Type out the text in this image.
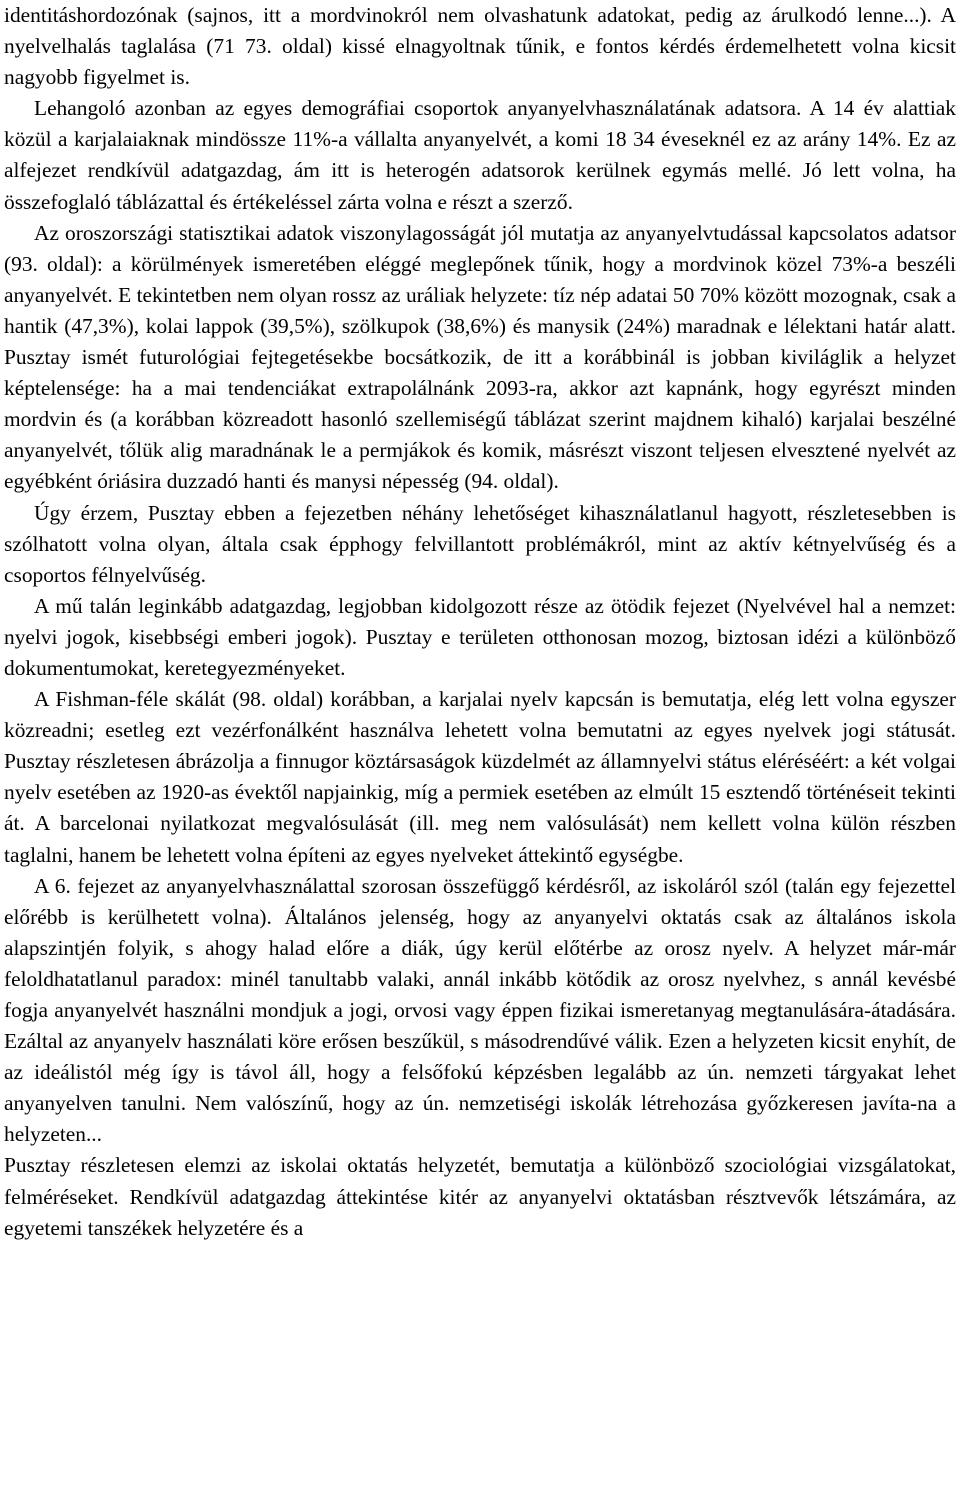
identitáshordozónak (sajnos, itt a mordvinokról nem olvashatunk adatokat, pedig az árulkodó lenne...). A nyelvelhalás taglalása (71 73. oldal) kissé elnagyoltnak tűnik, e fontos kérdés érdemelhetett volna kicsit nagyobb figyelmet is.

Lehangoló azonban az egyes demográfiai csoportok anyanyelvhasználatának adatsora. A 14 év alattiak közül a karjalaiaknak mindössze 11%-a vállalta anyanyelvét, a komi 18 34 éveseknél ez az arány 14%. Ez az alfejezet rendkívül adatgazdag, ám itt is heterogén adatsorok kerülnek egymás mellé. Jó lett volna, ha összefoglaló táblázattal és értékeléssel zárta volna e részt a szerző.

Az oroszországi statisztikai adatok viszonylagosságát jól mutatja az anyanyelvtudással kapcsolatos adatsor (93. oldal): a körülmények ismeretében eléggé meglepőnek tűnik, hogy a mordvinok közel 73%-a beszéli anyanyelvét. E tekintetben nem olyan rossz az uráliak helyzete: tíz nép adatai 50 70% között mozognak, csak a hantik (47,3%), kolai lappok (39,5%), szölkupok (38,6%) és manysik (24%) maradnak e lélektani határ alatt. Pusztay ismét futurológiai fejtegetésekbe bocsátkozik, de itt a korábbinál is jobban kiviláglik a helyzet képtelensége: ha a mai tendenciákat extrapolálnánk 2093-ra, akkor azt kapnánk, hogy egyrészt minden mordvin és (a korábban közreadott hasonló szellemiségű táblázat szerint majdnem kihaló) karjalai beszélné anyanyelvét, tőlük alig maradnának le a permjákok és komik, másrészt viszont teljesen elvesztené nyelvét az egyébként óriásira duzzadó hanti és manysi népesség (94. oldal).

Úgy érzem, Pusztay ebben a fejezetben néhány lehetőséget kihasználatlanul hagyott, részletesebben is szólhatott volna olyan, általa csak épphogy felvillantott problémákról, mint az aktív kétnyelvűség és a csoportos félnyelvűség.

A mű talán leginkább adatgazdag, legjobban kidolgozott része az ötödik fejezet (Nyelvével hal a nemzet: nyelvi jogok, kisebbségi emberi jogok). Pusztay e területen otthonosan mozog, biztosan idézi a különböző dokumentumokat, keretegyezményeket.

A Fishman-féle skálát (98. oldal) korábban, a karjalai nyelv kapcsán is bemutatja, elég lett volna egyszer közreadni; esetleg ezt vezérfonálként használva lehetett volna bemutatni az egyes nyelvek jogi státusát. Pusztay részletesen ábrázolja a finnugor köztársaságok küzdelmét az államnyelvi státus eléréséért: a két volgai nyelv esetében az 1920-as évektől napjainkig, míg a permiek esetében az elmúlt 15 esztendő történéseit tekinti át. A barcelonai nyilatkozat megvalósulását (ill. meg nem valósulását) nem kellett volna külön részben taglalni, hanem be lehetett volna építeni az egyes nyelveket áttekintő egységbe.

A 6. fejezet az anyanyelvhasználattal szorosan összefüggő kérdésről, az iskoláról szól (talán egy fejezettel előrébb is kerülhetett volna). Általános jelenség, hogy az anyanyelvi oktatás csak az általános iskola alapszintjén folyik, s ahogy halad előre a diák, úgy kerül előtérbe az orosz nyelv. A helyzet már-már feloldhatatlanul paradox: minél tanultabb valaki, annál inkább kötődik az orosz nyelvhez, s annál kevésbé fogja anyanyelvét használni mondjuk a jogi, orvosi vagy éppen fizikai ismeretanyag megtanulására-átadására. Ezáltal az anyanyelv használati köre erősen beszűkül, s másodrendűvé válik. Ezen a helyzeten kicsit enyhít, de az ideálistól még így is távol áll, hogy a felsőfokú képzésben legalább az ún. nemzeti tárgyakat lehet anyanyelven tanulni. Nem valószínű, hogy az ún. nemzetiségi iskolák létrehozása győzkeresen javíta-na a helyzeten...

Pusztay részletesen elemzi az iskolai oktatás helyzetét, bemutatja a különböző szociológiai vizsgálatokat, felméréseket. Rendkívül adatgazdag áttekintése kitér az anyanyelvi oktatásban résztvevők létszámára, az egyetemi tanszékek helyzetére és a
